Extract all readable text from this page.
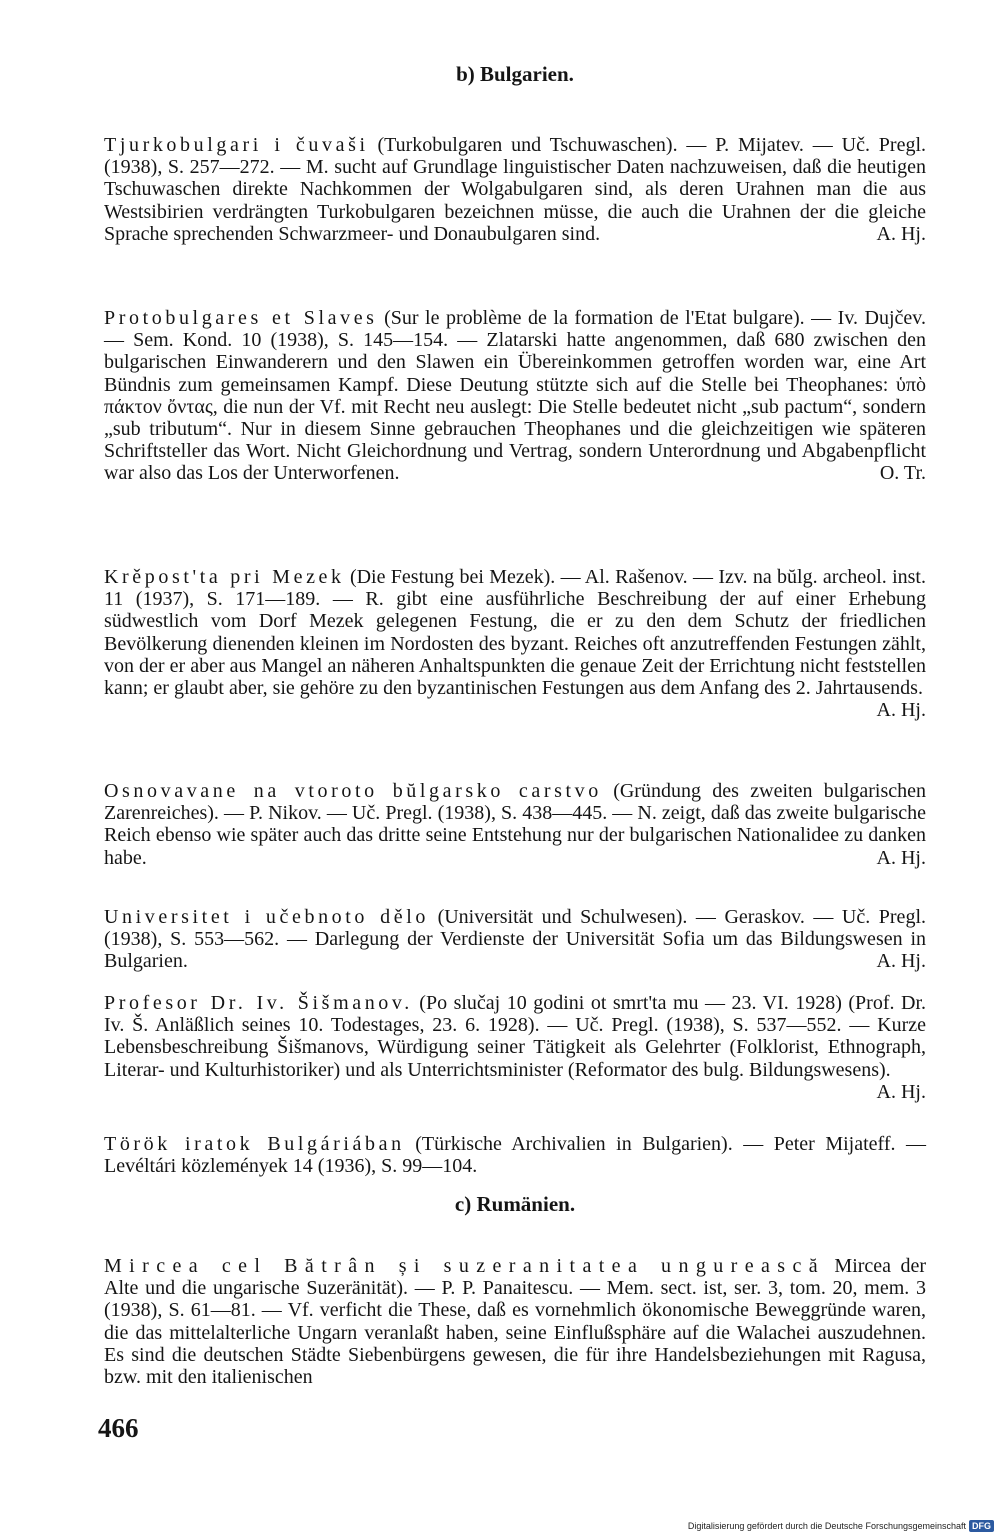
b) Bulgarien.

Tjurkobulgari i čuvaši (Turkobulgaren und Tschuwaschen). — P. Mijatev. — Uč. Pregl. (1938), S. 257—272. — M. sucht auf Grundlage linguistischer Daten nachzuweisen, daß die heutigen Tschuwaschen direkte Nachkommen der Wolgabulgaren sind, als deren Urahnen man die aus Westsibirien verdrängten Turkobulgaren bezeichnen müsse, die auch die Urahnen der die gleiche Sprache sprechenden Schwarzmeer- und Donaubulgaren sind.	A. Hj.

Protobulgares et Slaves (Sur le problème de la formation de l'Etat bulgare). — Iv. Dujčev. — Sem. Kond. 10 (1938), S. 145—154. — Zlatarski hatte angenommen, daß 680 zwischen den bulgarischen Einwanderern und den Slawen ein Übereinkommen getroffen worden war, eine Art Bündnis zum gemeinsamen Kampf. Diese Deutung stützte sich auf die Stelle bei Theophanes: ὑπὸ πάκτον ὄντας, die nun der Vf. mit Recht neu auslegt: Die Stelle bedeutet nicht „sub pactum“, sondern „sub tributum“. Nur in diesem Sinne gebrauchen Theophanes und die gleichzeitigen wie späteren Schriftsteller das Wort. Nicht Gleichordnung und Vertrag, sondern Unterordnung und Abgabenpflicht war also das Los der Unterworfenen.	O. Tr.

Krěpost'ta pri Mezek (Die Festung bei Mezek). — Al. Rašenov. — Izv. na bŭlg. archeol. inst. 11 (1937), S. 171—189. — R. gibt eine ausführliche Beschreibung der auf einer Erhebung südwestlich vom Dorf Mezek gelegenen Festung, die er zu den dem Schutz der friedlichen Bevölkerung dienenden kleinen im Nordosten des byzant. Reiches oft anzutreffenden Festungen zählt, von der er aber aus Mangel an näheren Anhaltspunkten die genaue Zeit der Errichtung nicht feststellen kann; er glaubt aber, sie gehöre zu den byzantinischen Festungen aus dem Anfang des 2. Jahrtausends.
A. Hj.

Osnovavane na vtoroto bŭlgarsko carstvo (Gründung des zweiten bulgarischen Zarenreiches). — P. Nikov. — Uč. Pregl. (1938), S. 438—445. — N. zeigt, daß das zweite bulgarische Reich ebenso wie später auch das dritte seine Entstehung nur der bulgarischen Nationalidee zu danken habe.	A. Hj.

Universitet i učebnoto dělo (Universität und Schulwesen). — Geraskov. — Uč. Pregl. (1938), S. 553—562. — Darlegung der Verdienste der Universität Sofia um das Bildungswesen in Bulgarien.	A. Hj.

Profesor Dr. Iv. Šišmanov. (Po slučaj 10 godini ot smrt'ta mu — 23. VI. 1928) (Prof. Dr. Iv. Š. Anläßlich seines 10. Todestages, 23. 6. 1928). — Uč. Pregl. (1938), S. 537—552. — Kurze Lebensbeschreibung Šišmanovs, Würdigung seiner Tätigkeit als Gelehrter (Folklorist, Ethnograph, Literar- und Kulturhistoriker) und als Unterrichtsminister (Reformator des bulg. Bildungswesens).
A. Hj.

Török iratok Bulgáriában (Türkische Archivalien in Bulgarien). — Peter Mijateff. — Levéltári közlemények 14 (1936), S. 99—104.

c) Rumänien.

Mircea cel Bătrân și suzeranitatea ungurească Mircea der Alte und die ungarische Suzeränität). — P. P. Panaitescu. — Mem. sect. ist, ser. 3, tom. 20, mem. 3 (1938), S. 61—81. — Vf. verficht die These, daß es vornehmlich ökonomische Beweggründe waren, die das mittelalterliche Ungarn veranlaßt haben, seine Einflußsphäre auf die Walachei auszudehnen. Es sind die deutschen Städte Siebenbürgens gewesen, die für ihre Handelsbeziehungen mit Ragusa, bzw. mit den italienischen

466
Digitalisierung gefördert durch die Deutsche Forschungsgemeinschaft DFG
